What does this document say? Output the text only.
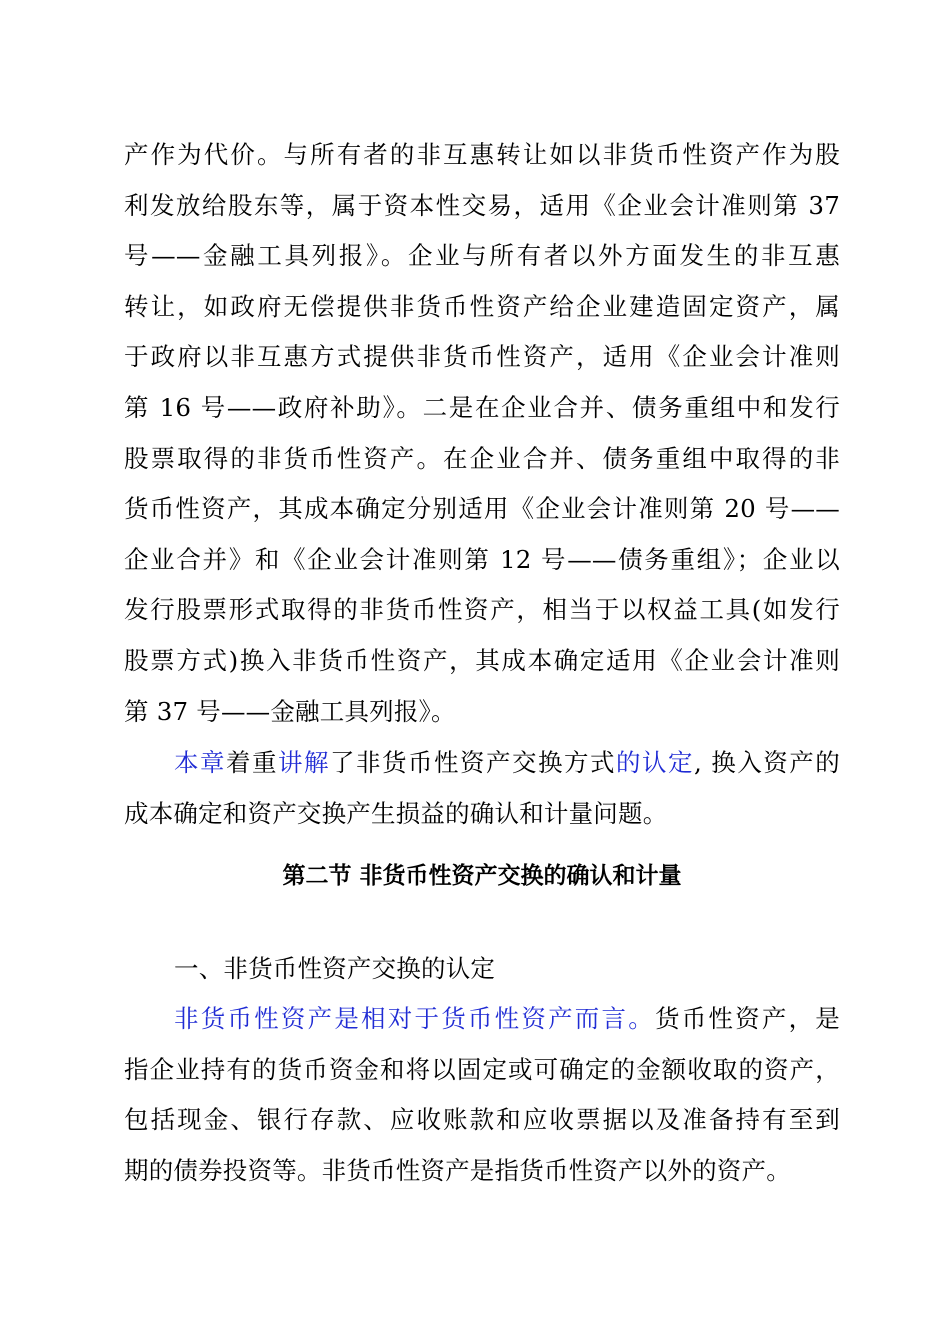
产作为代价。与所有者的非互惠转让如以非货币性资产作为股
利发放给股东等，属于资本性交易，适用《企业会计准则第 37
号——金融工具列报》。企业与所有者以外方面发生的非互惠
转让，如政府无偿提供非货币性资产给企业建造固定资产，属
于政府以非互惠方式提供非货币性资产，适用《企业会计准则
第 16 号——政府补助》。二是在企业合并、债务重组中和发行
股票取得的非货币性资产。在企业合并、债务重组中取得的非
货币性资产，其成本确定分别适用《企业会计准则第 20 号——
企业合并》和《企业会计准则第 12 号——债务重组》；企业以
发行股票形式取得的非货币性资产，相当于以权益工具(如发行
股票方式)换入非货币性资产，其成本确定适用《企业会计准则
第 37 号——金融工具列报》。
本章着重讲解了非货币性资产交换方式的认定, 换入资产的
成本确定和资产交换产生损益的确认和计量问题。
第二节 非货币性资产交换的确认和计量
一、非货币性资产交换的认定
非货币性资产是相对于货币性资产而言。货币性资产，是
指企业持有的货币资金和将以固定或可确定的金额收取的资产，
包括现金、银行存款、应收账款和应收票据以及准备持有至到
期的债券投资等。非货币性资产是指货币性资产以外的资产。
